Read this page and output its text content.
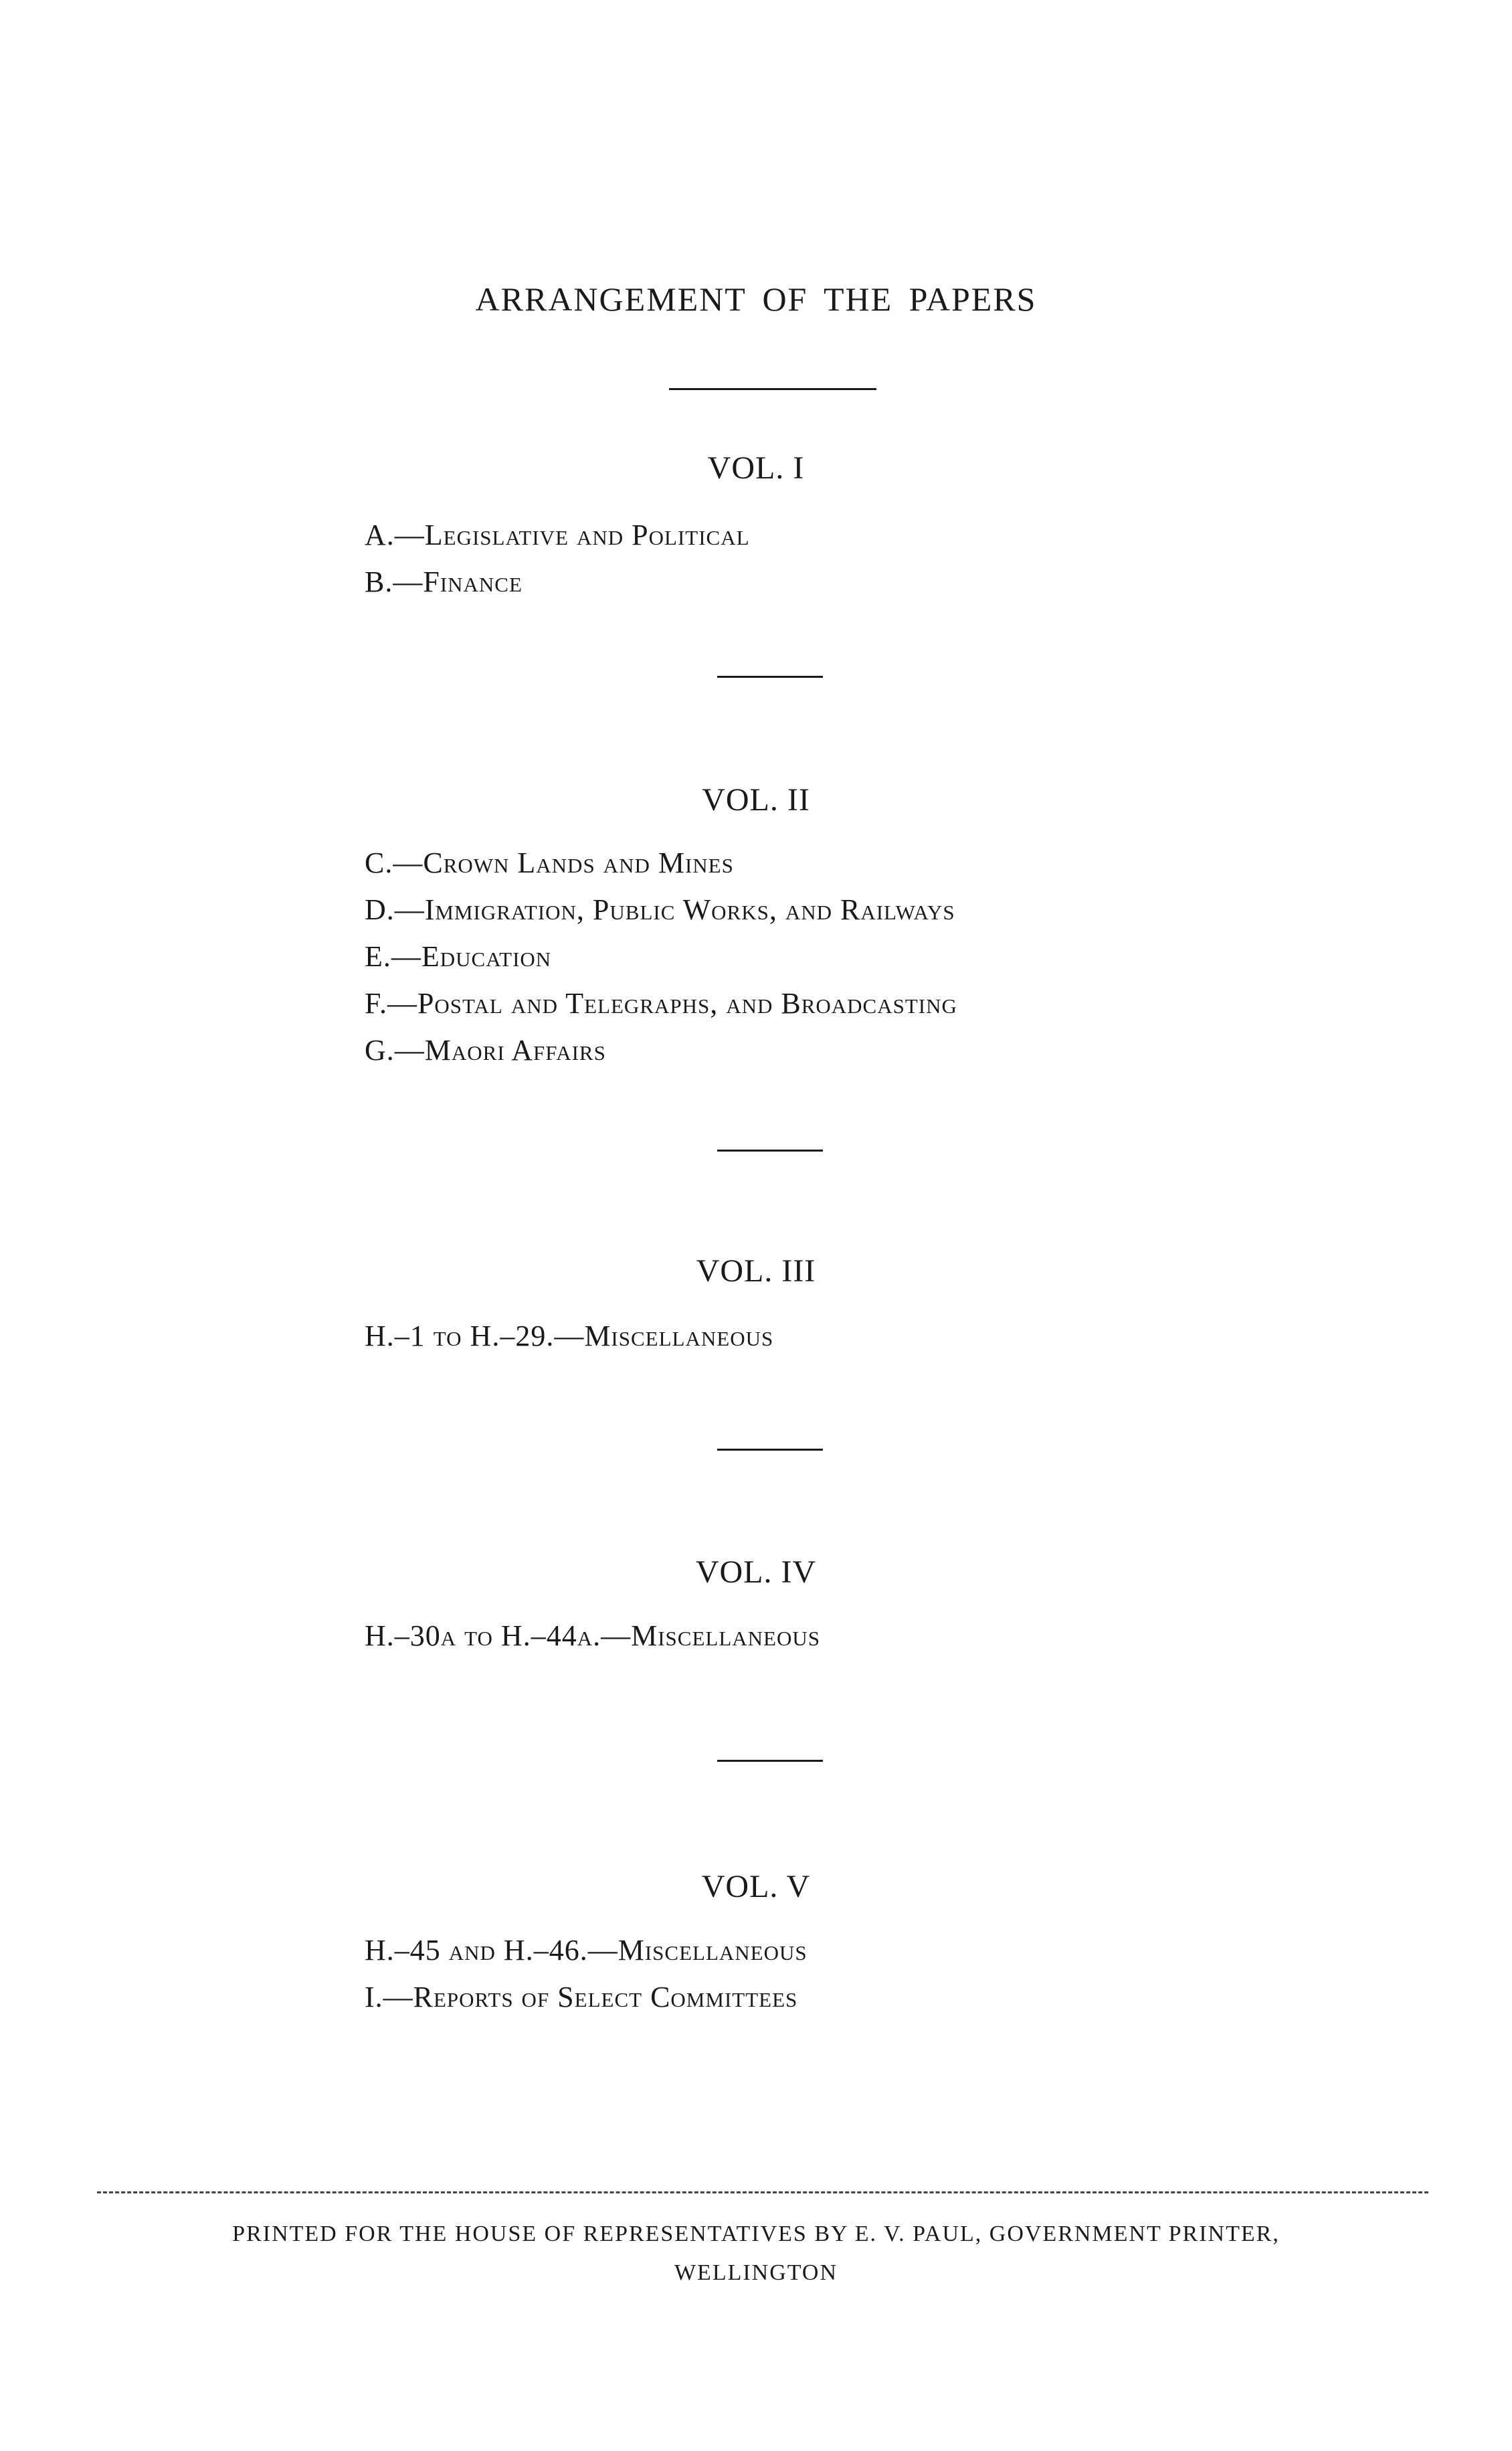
ARRANGEMENT OF THE PAPERS
VOL. I
A.—Legislative and Political
B.—Finance
VOL. II
C.—Crown Lands and Mines
D.—Immigration, Public Works, and Railways
E.—Education
F.—Postal and Telegraphs, and Broadcasting
G.—Maori Affairs
VOL. III
H.–1 to H.–29.—Miscellaneous
VOL. IV
H.–30a to H.–44a.—Miscellaneous
VOL. V
H.–45 and H.–46.—Miscellaneous
I.—Reports of Select Committees
PRINTED FOR THE HOUSE OF REPRESENTATIVES BY E. V. PAUL, GOVERNMENT PRINTER,
WELLINGTON
